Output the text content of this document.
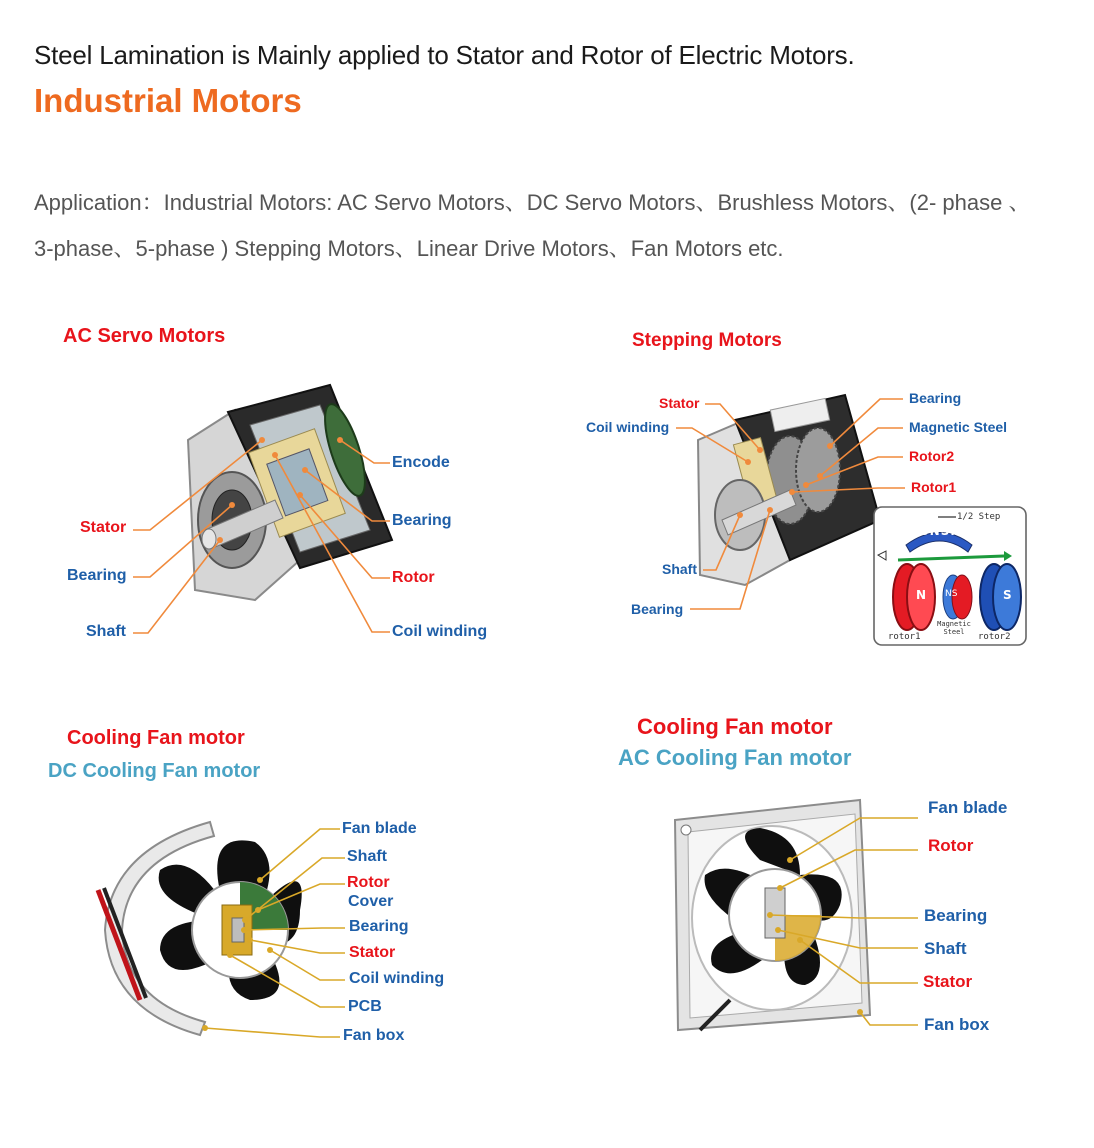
Steel Lamination is Mainly applied to Stator and Rotor of Electric Motors.
Industrial Motors
Application：Industrial Motors: AC Servo Motors、DC Servo Motors、Brushless Motors、(2- phase 、
3-phase、5-phase ) Stepping Motors、Linear Drive Motors、Fan Motors etc.
AC Servo Motors
Stator
Bearing
Shaft
Encode
Bearing
Rotor
Coil winding
Stepping Motors
Stator
Coil winding
Shaft
Bearing
Bearing
Magnetic Steel
Rotor2
Rotor1
1/2 Step
NSNSN
NS
N	S
rotor1
Magnetic Steel	rotor2
Cooling Fan motor
DC Cooling Fan motor
Fan blade
Shaft
Rotor
Cover
Bearing
Stator
Coil winding
PCB
Fan box
Cooling Fan motor
AC Cooling Fan motor
Fan blade
Rotor
Bearing
Shaft
Stator
Fan box
